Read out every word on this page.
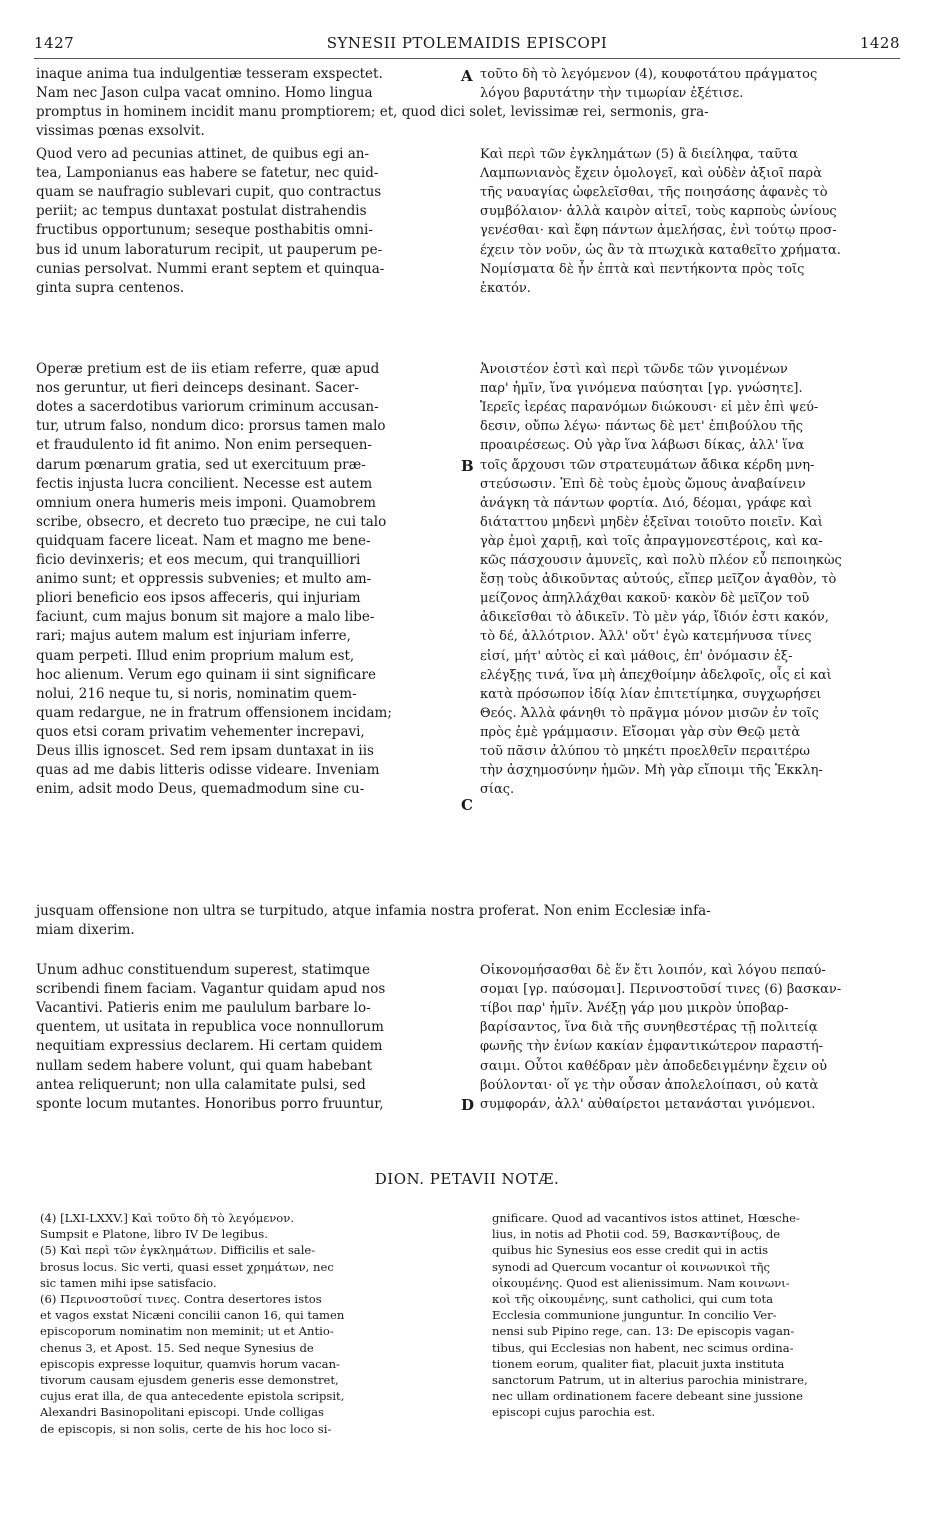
1427	SYNESII PTOLEMAIDIS EPISCOPI	1428
inaque anima tua indulgentiæ tesseram exspectet.
Nam nec Jason culpa vacat omnino. Homo lingua
τοῦτο δὴ τὸ λεγόμενον (4), κουφοτάτου πράγματος
λόγου βαρυτάτην τὴν τιμωρίαν ἐξέτισε.
A
promptus in hominem incidit manu promptiorem; et, quod dici solet, levissimæ rei, sermonis, gra-
vissimas pœnas exsolvit.
Quod vero ad pecunias attinet, de quibus egi an-
tea, Lamponianus eas habere se fatetur, nec quid-
quam se naufragio sublevari cupit, quo contractus
periit; ac tempus duntaxat postulat distrahendis
fructibus opportunum; seseque posthabitis omni-
bus id unum laboraturum recipit, ut pauperum pe-
cunias persolvat. Nummi erant septem et quinqua-
ginta supra centenos.
Καὶ περὶ τῶν ἐγκλημάτων (5) ἃ διείληφα, ταῦτα
Λαμπωνιανὸς ἔχειν ὁμολογεῖ, καὶ οὐδὲν ἀξιοῖ παρὰ
τῆς ναυαγίας ὠφελεῖσθαι, τῆς ποιησάσης ἀφανὲς τὸ
συμβόλαιον· ἀλλὰ καιρὸν αἰτεῖ, τοὺς καρποὺς ὠνίους
γενέσθαι· καὶ ἔφη πάντων ἀμελήσας, ἐνὶ τούτῳ προσ-
έχειν τὸν νοῦν, ὡς ἂν τὰ πτωχικὰ καταθεῖτο χρήματα.
Νομίσματα δὲ ἦν ἑπτὰ καὶ πεντήκοντα πρὸς τοῖς
ἑκατόν.
Operæ pretium est de iis etiam referre, quæ apud
nos geruntur, ut fieri deinceps desinant. Sacer-
dotes a sacerdotibus variorum criminum accusan-
tur, utrum falso, nondum dico: prorsus tamen malo
et fraudulento id fit animo. Non enim persequen-
darum pœnarum gratia, sed ut exercituum præ-
fectis injusta lucra concilient. Necesse est autem
omnium onera humeris meis imponi. Quamobrem
scribe, obsecro, et decreto tuo præcipe, ne cui talo
quidquam facere liceat. Nam et magno me bene-
ficio devinxeris; et eos mecum, qui tranquilliori
animo sunt; et oppressis subvenies; et multo am-
pliori beneficio eos ipsos affeceris, qui injuriam
faciunt, cum majus bonum sit majore a malo libe-
rari; majus autem malum est injuriam inferre,
quam perpeti. Illud enim proprium malum est,
hoc alienum. Verum ego quinam ii sint significare
nolui, 216 neque tu, si noris, nominatim quem-
quam redargue, ne in fratrum offensionem incidam;
quos etsi coram privatim vehementer increpavi,
Deus illis ignoscet. Sed rem ipsam duntaxat in iis
quas ad me dabis litteris odisse videare. Inveniam
enim, adsit modo Deus, quemadmodum sine cu-
Ἀνοιστέον ἐστὶ καὶ περὶ τῶνδε τῶν γινομένων
παρ' ἡμῖν, ἵνα γινόμενα παύσηται [γρ. γνώσητε].
Ἱερεῖς ἱερέας παρανόμων διώκουσι· εἰ μὲν ἐπὶ ψεύ-
δεσιν, οὔπω λέγω· πάντως δὲ μετ' ἐπιβούλου τῆς
προαιρέσεως. Οὐ γὰρ ἵνα λάβωσι δίκας, ἀλλ' ἵνα
τοῖς ἄρχουσι τῶν στρατευμάτων ἄδικα κέρδη μνη-
στεύσωσιν. Ἐπὶ δὲ τοὺς ἐμοὺς ὤμους ἀναβαίνειν
ἀνάγκη τὰ πάντων φορτία. Διό, δέομαι, γράφε καὶ
διάταττου μηδενὶ μηδὲν ἐξεῖναι τοιοῦτο ποιεῖν. Καὶ
γὰρ ἐμοὶ χαριῇ, καὶ τοῖς ἀπραγμονεστέροις, καὶ κα-
κῶς πάσχουσιν ἀμυνεῖς, καὶ πολὺ πλέον εὖ πεποιηκὼς
ἔσῃ τοὺς ἀδικοῦντας αὐτούς, εἴπερ μεῖζον ἀγαθὸν, τὸ
μείζονος ἀπηλλάχθαι κακοῦ· κακὸν δὲ μεῖζον τοῦ
ἀδικεῖσθαι τὸ ἀδικεῖν. Τὸ μὲν γάρ, ἴδιόν ἐστι κακόν,
τὸ δέ, ἀλλότριον. Ἀλλ' οὔτ' ἐγὼ κατεμήνυσα τίνες
εἰσί, μήτ' αὐτὸς εἰ καὶ μάθοις, ἐπ' ὀνόμασιν ἐξ-
ελέγξῃς τινά, ἵνα μὴ ἀπεχθοίμην ἀδελφοῖς, οἷς εἰ καὶ
κατὰ πρόσωπον ἰδίᾳ λίαν ἐπιτετίμηκα, συγχωρήσει
Θεός. Ἀλλὰ φάνηθι τὸ πρᾶγμα μόνον μισῶν ἐν τοῖς
πρὸς ἐμὲ γράμμασιν. Εἴσομαι γὰρ σὺν Θεῷ μετὰ
τοῦ πᾶσιν ἀλύπου τὸ μηκέτι προελθεῖν περαιτέρω
τὴν ἀσχημοσύνην ἡμῶν. Μὴ γὰρ εἴποιμι τῆς Ἐκκλη-
σίας.
B
C
jusquam offensione non ultra se turpitudo, atque infamia nostra proferat. Non enim Ecclesiæ infa-
miam dixerim.
Unum adhuc constituendum superest, statimque
scribendi finem faciam. Vagantur quidam apud nos
Vacantivi. Patieris enim me paululum barbare lo-
quentem, ut usitata in republica voce nonnullorum
nequitiam expressius declarem. Hi certam quidem
nullam sedem habere volunt, qui quam habebant
antea reliquerunt; non ulla calamitate pulsi, sed
sponte locum mutantes. Honoribus porro fruuntur,
Οἰκονομήσασθαι δὲ ἕν ἔτι λοιπόν, καὶ λόγου πεπαύ-
σομαι [γρ. παύσομαι]. Περινοστοῦσί τινες (6) βασκαν-
τίβοι παρ' ἡμῖν. Ἀνέξῃ γάρ μου μικρὸν ὑποβαρ-
βαρίσαντος, ἵνα διὰ τῆς συνηθεστέρας τῇ πολιτείᾳ
φωνῆς τὴν ἐνίων κακίαν ἐμφαντικώτερον παραστή-
σαιμι. Οὗτοι καθέδραν μὲν ἀποδεδειγμένην ἔχειν οὐ
βούλονται· οἵ γε τὴν οὖσαν ἀπολελοίπασι, οὐ κατὰ
συμφοράν, ἀλλ' αὐθαίρετοι μετανάσται γινόμενοι.
D
DION. PETAVII NOTÆ.
(4) [LXI-LXXV.] Καὶ τοῦτο δὴ τὸ λεγόμενον.
Sumpsit e Platone, libro IV De legibus.
(5) Καὶ περὶ τῶν ἐγκλημάτων. Difficilis et sale-
brosus locus. Sic verti, quasi esset χρημάτων, nec
sic tamen mihi ipse satisfacio.
(6) Περινοστοῦσί τινες. Contra desertores istos
et vagos exstat Nicæni concilii canon 16, qui tamen
episcoporum nominatim non meminit; ut et Antio-
chenus 3, et Apost. 15. Sed neque Synesius de
episcopis expresse loquitur, quamvis horum vacan-
tivorum causam ejusdem generis esse demonstret,
cujus erat illa, de qua antecedente epistola scripsit,
Alexandri Basinopolitani episcopi. Unde colligas
de episcopis, si non solis, certe de his hoc loco si-
gnificare. Quod ad vacantivos istos attinet, Hœsche-
lius, in notis ad Photii cod. 59, Βασκαντίβους, de
quibus hic Synesius eos esse credit qui in actis
synodi ad Quercum vocantur οἱ κοινωνικοὶ τῆς
οἰκουμένης. Quod est alienissimum. Nam κοινωνι-
κοὶ τῆς οἰκουμένης, sunt catholici, qui cum tota
Ecclesia communione junguntur. In concilio Ver-
nensi sub Pipino rege, can. 13: De episcopis vagan-
tibus, qui Ecclesias non habent, nec scimus ordina-
tionem eorum, qualiter fiat, placuit juxta instituta
sanctorum Patrum, ut in alterius parochia ministrare,
nec ullam ordinationem facere debeant sine jussione
episcopi cujus parochia est.
